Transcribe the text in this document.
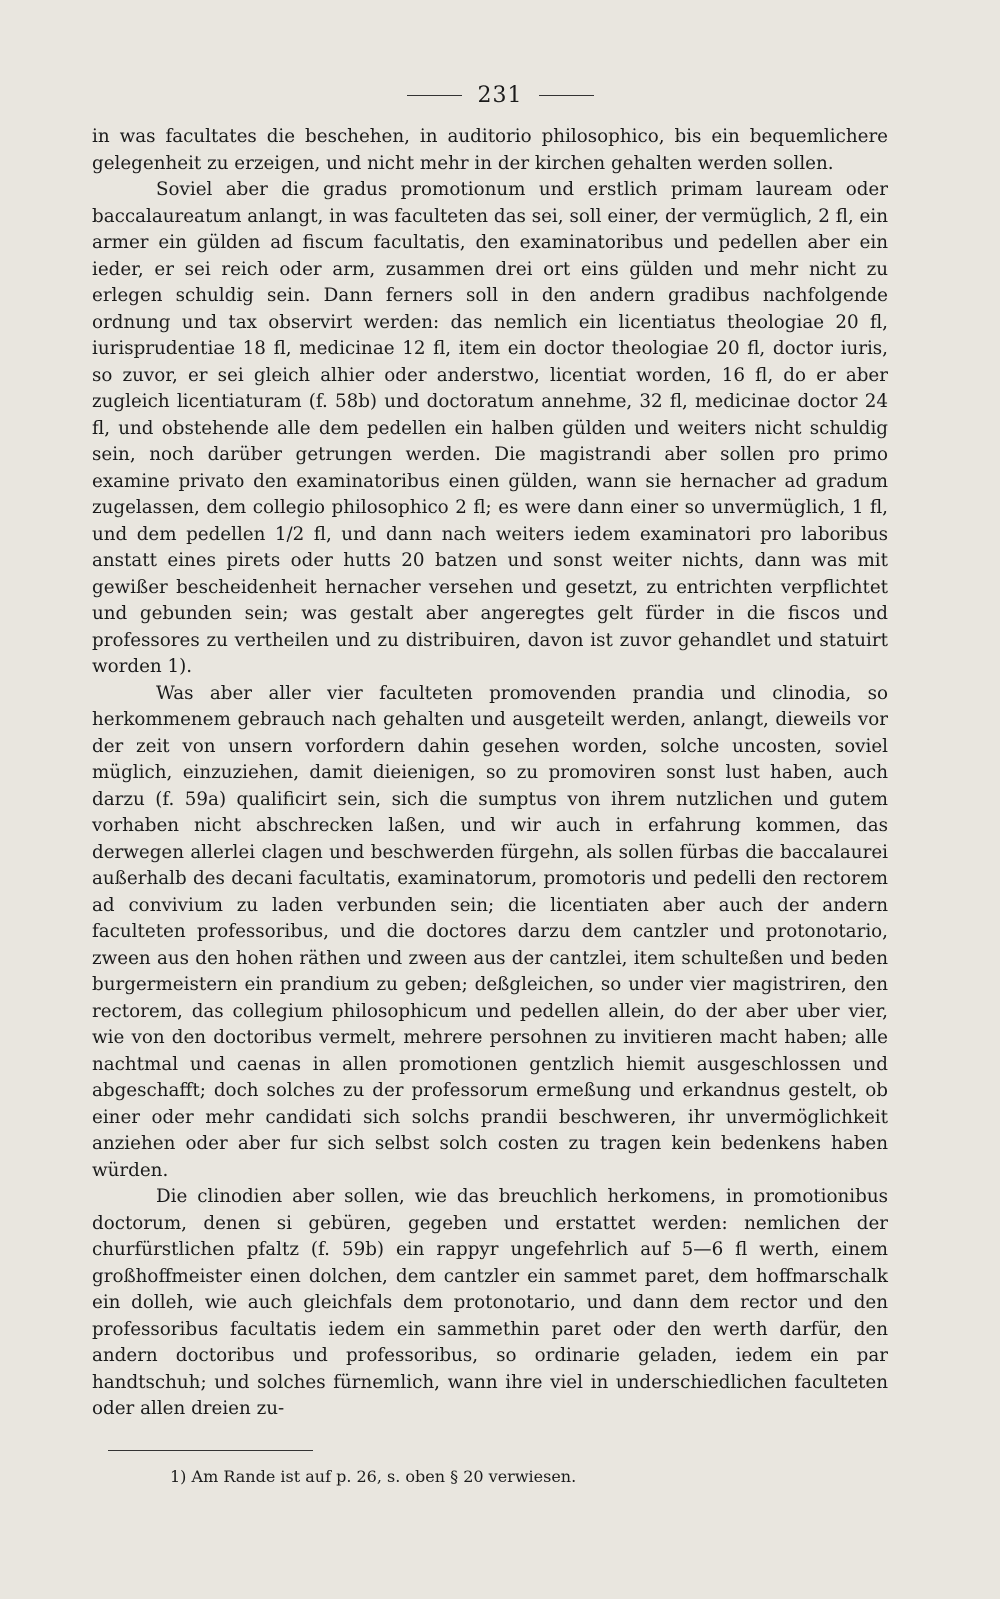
231

in was facultates die beschehen, in auditorio philosophico, bis ein bequemlichere gelegenheit zu erzeigen, und nicht mehr in der kirchen gehalten werden sollen.

Soviel aber die gradus promotionum und erstlich primam lauream oder baccalaureatum anlangt, in was faculteten das sei, soll einer, der vermüglich, 2 fl, ein armer ein gülden ad fiscum facultatis, den examinatoribus und pedellen aber ein ieder, er sei reich oder arm, zusammen drei ort eins gülden und mehr nicht zu erlegen schuldig sein. Dann ferners soll in den andern gradibus nachfolgende ordnung und tax observirt werden: das nemlich ein licentiatus theologiae 20 fl, iurisprudentiae 18 fl, medicinae 12 fl, item ein doctor theologiae 20 fl, doctor iuris, so zuvor, er sei gleich alhier oder anderstwo, licentiat worden, 16 fl, do er aber zugleich licentiaturam (f. 58b) und doctoratum annehme, 32 fl, medicinae doctor 24 fl, und obstehende alle dem pedellen ein halben gülden und weiters nicht schuldig sein, noch darüber getrungen werden. Die magistrandi aber sollen pro primo examine privato den examinatoribus einen gülden, wann sie hernacher ad gradum zugelassen, dem collegio philosophico 2 fl; es were dann einer so unvermüglich, 1 fl, und dem pedellen 1/2 fl, und dann nach weiters iedem examinatori pro laboribus anstatt eines pirets oder hutts 20 batzen und sonst weiter nichts, dann was mit gewißer bescheidenheit hernacher versehen und gesetzt, zu entrichten verpflichtet und gebunden sein; was gestalt aber angeregtes gelt fürder in die fiscos und professores zu vertheilen und zu distribuiren, davon ist zuvor gehandlet und statuirt worden 1).

Was aber aller vier faculteten promovenden prandia und clinodia, so herkommenem gebrauch nach gehalten und ausgeteilt werden, anlangt, dieweils vor der zeit von unsern vorfordern dahin gesehen worden, solche uncosten, soviel müglich, einzuziehen, damit dieienigen, so zu promoviren sonst lust haben, auch darzu (f. 59a) qualificirt sein, sich die sumptus von ihrem nutzlichen und gutem vorhaben nicht abschrecken laßen, und wir auch in erfahrung kommen, das derwegen allerlei clagen und beschwerden fürgehn, als sollen fürbas die baccalaurei außerhalb des decani facultatis, examinatorum, promotoris und pedelli den rectorem ad convivium zu laden verbunden sein; die licentiaten aber auch der andern faculteten professoribus, und die doctores darzu dem cantzler und protonotario, zween aus den hohen räthen und zween aus der cantzlei, item schulteßen und beden burgermeistern ein prandium zu geben; deßgleichen, so under vier magistriren, den rectorem, das collegium philosophicum und pedellen allein, do der aber uber vier, wie von den doctoribus vermelt, mehrere persohnen zu invitieren macht haben; alle nachtmal und caenas in allen promotionen gentzlich hiemit ausgeschlossen und abgeschafft; doch solches zu der professorum ermeßung und erkandnus gestelt, ob einer oder mehr candidati sich solchs prandii beschweren, ihr unvermöglichkeit anziehen oder aber fur sich selbst solch costen zu tragen kein bedenkens haben würden.

Die clinodien aber sollen, wie das breuchlich herkomens, in promotionibus doctorum, denen si gebüren, gegeben und erstattet werden: nemlichen der churfürstlichen pfaltz (f. 59b) ein rappyr ungefehrlich auf 5—6 fl werth, einem großhoffmeister einen dolchen, dem cantzler ein sammet paret, dem hoffmarschalk ein dolleh, wie auch gleichfals dem protonotario, und dann dem rector und den professoribus facultatis iedem ein sammethin paret oder den werth darfür, den andern doctoribus und professoribus, so ordinarie geladen, iedem ein par handtschuh; und solches fürnemlich, wann ihre viel in underschiedlichen faculteten oder allen dreien zu-

1) Am Rande ist auf p. 26, s. oben § 20 verwiesen.
